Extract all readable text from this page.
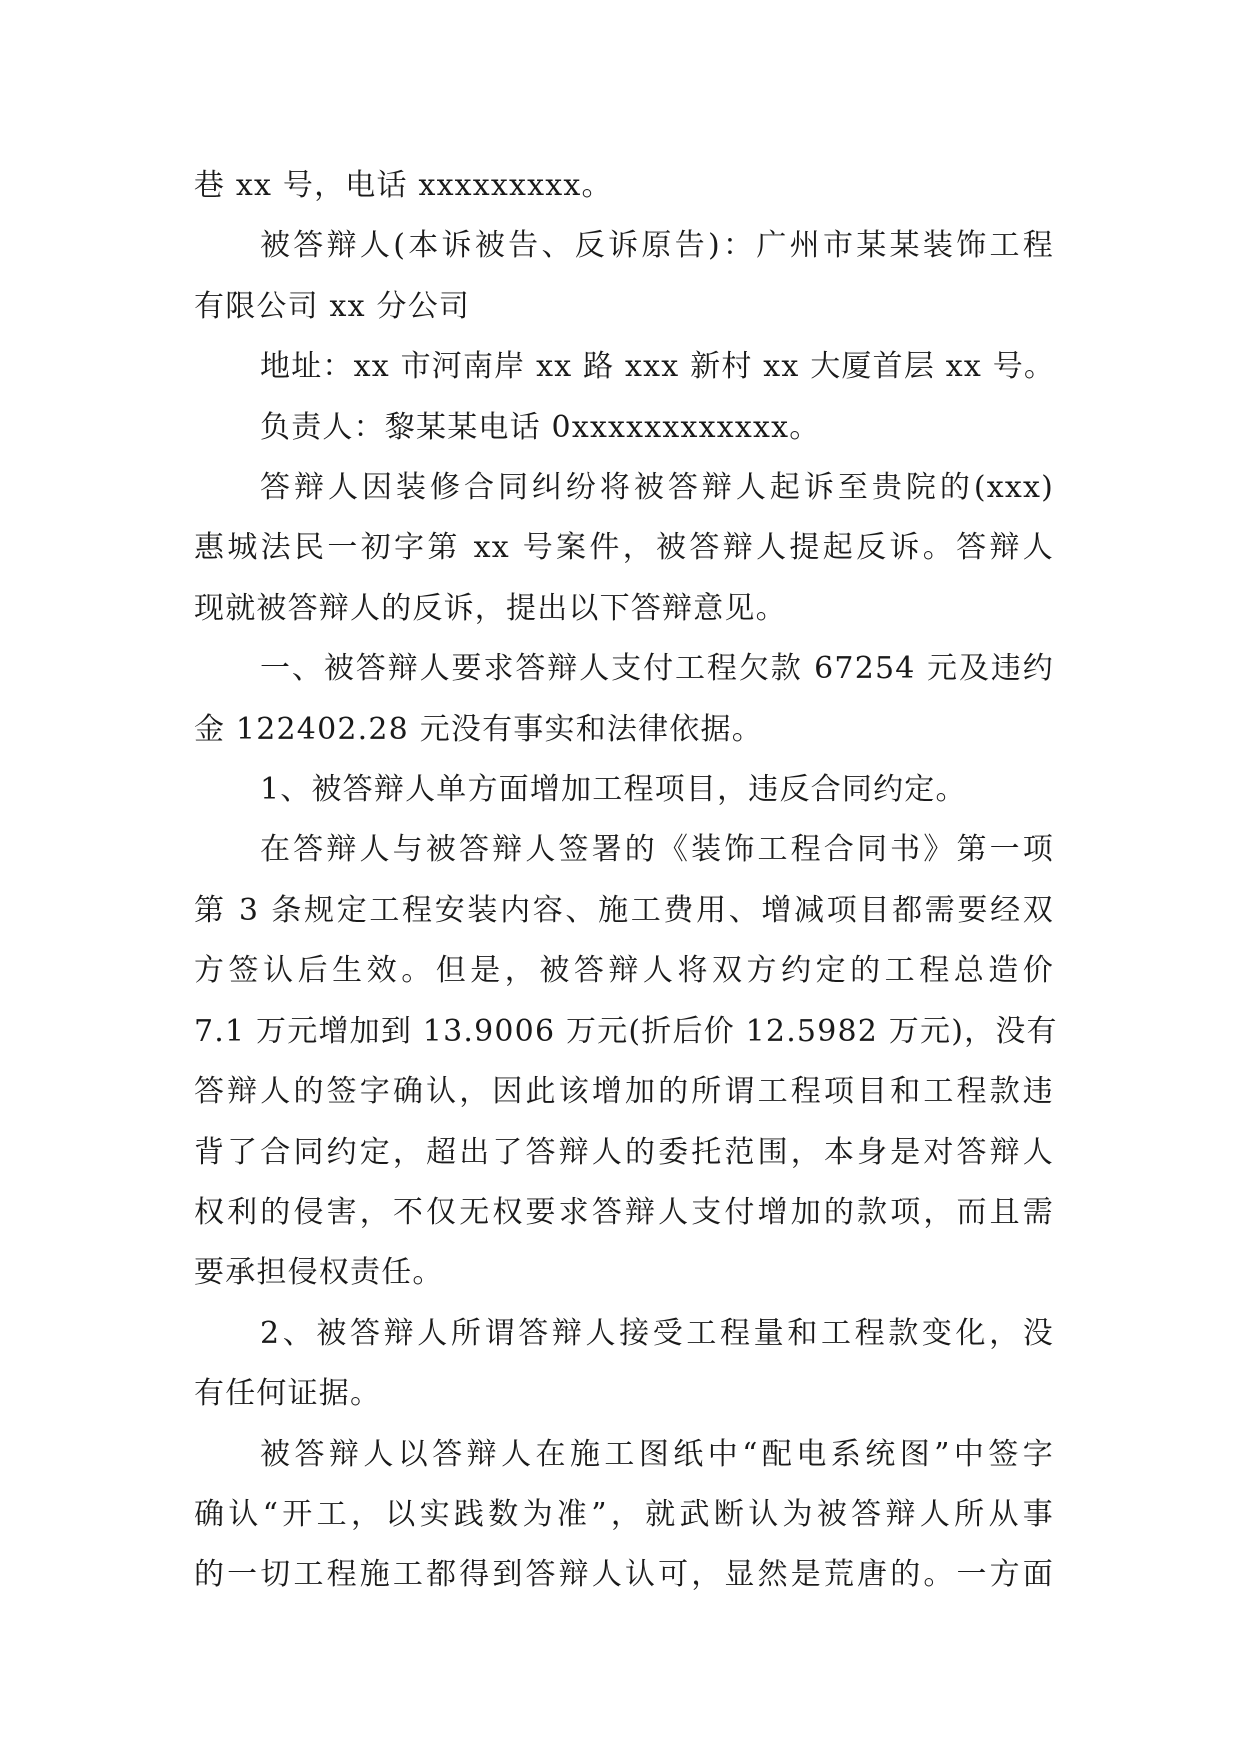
巷 xx 号，电话 xxxxxxxxx。
被答辩人(本诉被告、反诉原告)：广州市某某装饰工程
有限公司 xx 分公司
地址：xx 市河南岸 xx 路 xxx 新村 xx 大厦首层 xx 号。
负责人：黎某某电话 0xxxxxxxxxxxx。
答辩人因装修合同纠纷将被答辩人起诉至贵院的(xxx)
惠城法民一初字第 xx 号案件，被答辩人提起反诉。答辩人
现就被答辩人的反诉，提出以下答辩意见。
一、被答辩人要求答辩人支付工程欠款 67254 元及违约
金 122402.28 元没有事实和法律依据。
1、被答辩人单方面增加工程项目，违反合同约定。
在答辩人与被答辩人签署的《装饰工程合同书》第一项
第 3 条规定工程安装内容、施工费用、增减项目都需要经双
方签认后生效。但是，被答辩人将双方约定的工程总造价
7.1 万元增加到 13.9006 万元(折后价 12.5982 万元)，没有
答辩人的签字确认，因此该增加的所谓工程项目和工程款违
背了合同约定，超出了答辩人的委托范围，本身是对答辩人
权利的侵害，不仅无权要求答辩人支付增加的款项，而且需
要承担侵权责任。
2、被答辩人所谓答辩人接受工程量和工程款变化，没
有任何证据。
被答辩人以答辩人在施工图纸中“配电系统图”中签字
确认“开工，以实践数为准”，就武断认为被答辩人所从事
的一切工程施工都得到答辩人认可，显然是荒唐的。一方面
